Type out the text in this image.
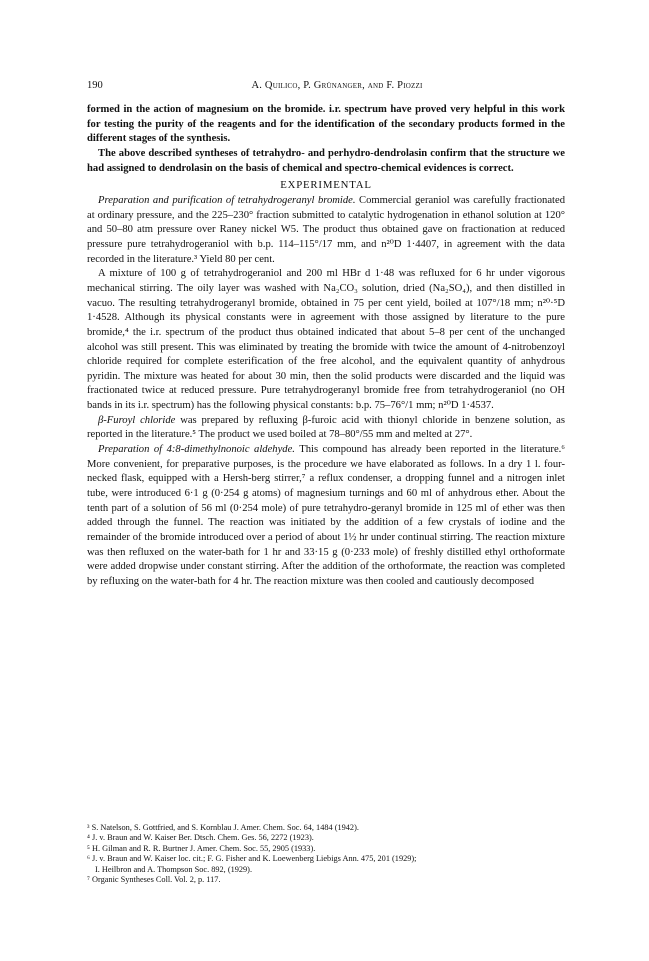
190	A. Quilico, P. Grünanger, and F. Piozzi

formed in the action of magnesium on the bromide. i.r. spectrum have proved very helpful in this work for testing the purity of the reagents and for the identification of the secondary products formed in the different stages of the synthesis.

The above described syntheses of tetrahydro- and perhydro-dendrolasin confirm that the structure we had assigned to dendrolasin on the basis of chemical and spectro-chemical evidences is correct.

EXPERIMENTAL

Preparation and purification of tetrahydrogeranyl bromide. Commercial geraniol was carefully fractionated at ordinary pressure, and the 225–230° fraction submitted to catalytic hydrogenation in ethanol solution at 120° and 50–80 atm pressure over Raney nickel W5. The product thus obtained gave on fractionation at reduced pressure pure tetrahydrogeraniol with b.p. 114–115°/17 mm, and n²⁰D 1·4407, in agreement with the data recorded in the literature.³ Yield 80 per cent.

A mixture of 100 g of tetrahydrogeraniol and 200 ml HBr d 1·48 was refluxed for 6 hr under vigorous mechanical stirring. The oily layer was washed with Na₂CO₃ solution, dried (Na₂SO₄), and then distilled in vacuo. The resulting tetrahydrogeranyl bromide, obtained in 75 per cent yield, boiled at 107°/18 mm; n²⁰·⁵D 1·4528. Although its physical constants were in agreement with those assigned by literature to the pure bromide,⁴ the i.r. spectrum of the product thus obtained indicated that about 5–8 per cent of the unchanged alcohol was still present. This was eliminated by treating the bromide with twice the amount of 4-nitrobenzoyl chloride required for complete esterification of the free alcohol, and the equivalent quantity of anhydrous pyridin. The mixture was heated for about 30 min, then the solid products were discarded and the liquid was fractionated twice at reduced pressure. Pure tetrahydrogeranyl bromide free from tetrahydrogeraniol (no OH bands in its i.r. spectrum) has the following physical constants: b.p. 75–76°/1 mm; n²⁰D 1·4537.

β-Furoyl chloride was prepared by refluxing β-furoic acid with thionyl chloride in benzene solution, as reported in the literature.⁵ The product we used boiled at 78–80°/55 mm and melted at 27°.

Preparation of 4:8-dimethylnonoic aldehyde. This compound has already been reported in the literature.⁶ More convenient, for preparative purposes, is the procedure we have elaborated as follows. In a dry 1 l. four-necked flask, equipped with a Hersh-berg stirrer,⁷ a reflux condenser, a dropping funnel and a nitrogen inlet tube, were introduced 6·1 g (0·254 g atoms) of magnesium turnings and 60 ml of anhydrous ether. About the tenth part of a solution of 56 ml (0·254 mole) of pure tetrahydro-geranyl bromide in 125 ml of ether was then added through the funnel. The reaction was initiated by the addition of a few crystals of iodine and the remainder of the bromide introduced over a period of about 1½ hr under continual stirring. The reaction mixture was then refluxed on the water-bath for 1 hr and 33·15 g (0·233 mole) of freshly distilled ethyl orthoformate were added dropwise under constant stirring. After the addition of the orthoformate, the reaction was completed by refluxing on the water-bath for 4 hr. The reaction mixture was then cooled and cautiously decomposed

³ S. Natelson, S. Gottfried, and S. Kornblau J. Amer. Chem. Soc. 64, 1484 (1942).

⁴ J. v. Braun and W. Kaiser Ber. Dtsch. Chem. Ges. 56, 2272 (1923).

⁵ H. Gilman and R. R. Burtner J. Amer. Chem. Soc. 55, 2905 (1933).

⁶ J. v. Braun and W. Kaiser loc. cit.; F. G. Fisher and K. Loewenberg Liebigs Ann. 475, 201 (1929);
I. Heilbron and A. Thompson Soc. 892, (1929).

⁷ Organic Syntheses Coll. Vol. 2, p. 117.
